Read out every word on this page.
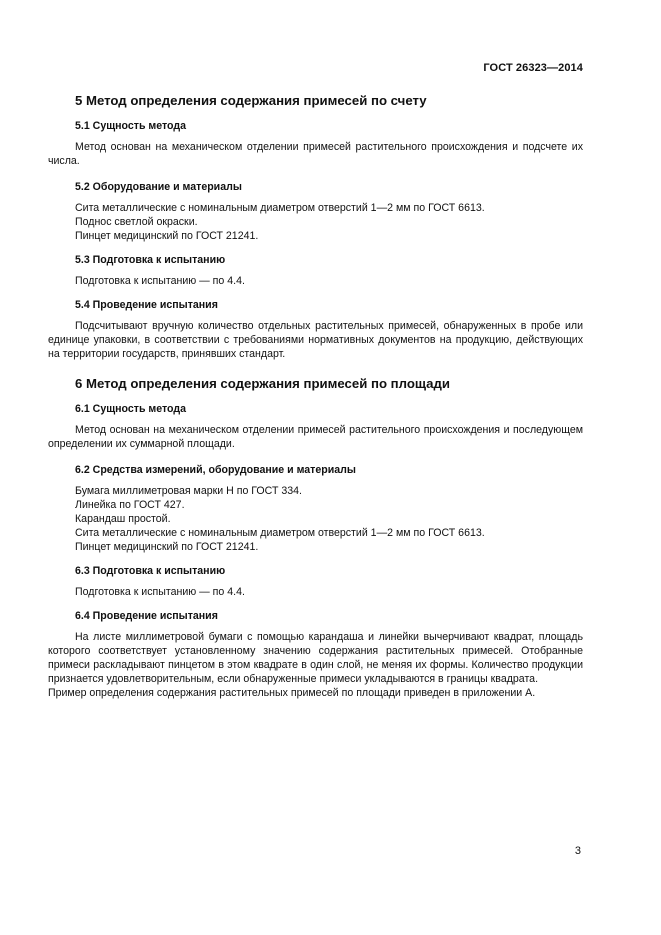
ГОСТ 26323—2014
5 Метод определения содержания примесей по счету
5.1 Сущность метода

Метод основан на механическом отделении примесей растительного происхождения и подсчете их числа.

5.2 Оборудование и материалы

Сита металлические с номинальным диаметром отверстий 1—2 мм по ГОСТ 6613.

Поднос светлой окраски.

Пинцет медицинский по ГОСТ 21241.

5.3 Подготовка к испытанию

Подготовка к испытанию — по 4.4.

5.4 Проведение испытания

Подсчитывают вручную количество отдельных растительных примесей, обнаруженных в пробе или единице упаковки, в соответствии с требованиями нормативных документов на продукцию, действующих на территории государств, принявших стандарт.

6 Метод определения содержания примесей по площади
6.1 Сущность метода

Метод основан на механическом отделении примесей растительного происхождения и последующем определении их суммарной площади.

6.2 Средства измерений, оборудование и материалы

Бумага миллиметровая марки Н по ГОСТ 334.

Линейка по ГОСТ 427.

Карандаш простой.

Сита металлические с номинальным диаметром отверстий 1—2 мм по ГОСТ 6613.

Пинцет медицинский по ГОСТ 21241.

6.3 Подготовка к испытанию

Подготовка к испытанию — по 4.4.

6.4 Проведение испытания

На листе миллиметровой бумаги с помощью карандаша и линейки вычерчивают квадрат, площадь которого соответствует установленному значению содержания растительных примесей. Отобранные примеси раскладывают пинцетом в этом квадрате в один слой, не меняя их формы. Количество продукции признается удовлетворительным, если обнаруженные примеси укладываются в границы квадрата.

Пример определения содержания растительных примесей по площади приведен в приложении А.

3
